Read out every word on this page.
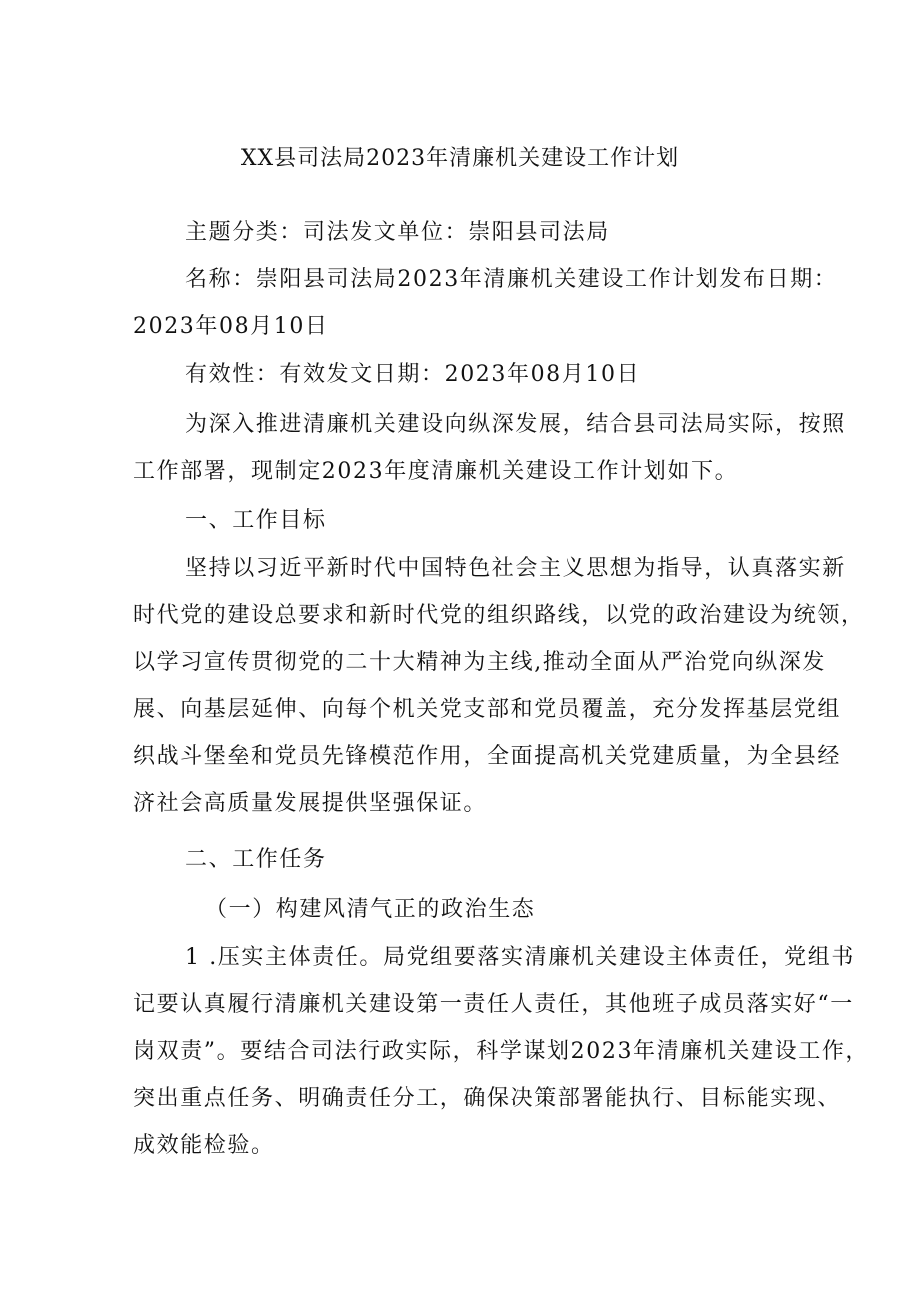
XX县司法局2023年清廉机关建设工作计划

主题分类：司法发文单位：崇阳县司法局

名称：崇阳县司法局2023年清廉机关建设工作计划发布日期：
2023年08月10日

有效性：有效发文日期：2023年08月10日

为深入推进清廉机关建设向纵深发展，结合县司法局实际，按照
工作部署，现制定2023年度清廉机关建设工作计划如下。

一、工作目标

坚持以习近平新时代中国特色社会主义思想为指导，认真落实新
时代党的建设总要求和新时代党的组织路线，以党的政治建设为统领，
以学习宣传贯彻党的二十大精神为主线,推动全面从严治党向纵深发
展、向基层延伸、向每个机关党支部和党员覆盖，充分发挥基层党组
织战斗堡垒和党员先锋模范作用，全面提高机关党建质量，为全县经
济社会高质量发展提供坚强保证。

二、工作任务

（一）构建风清气正的政治生态

1 .压实主体责任。局党组要落实清廉机关建设主体责任，党组书
记要认真履行清廉机关建设第一责任人责任，其他班子成员落实好“一
岗双责”。要结合司法行政实际，科学谋划2023年清廉机关建设工作，
突出重点任务、明确责任分工，确保决策部署能执行、目标能实现、
成效能检验。
